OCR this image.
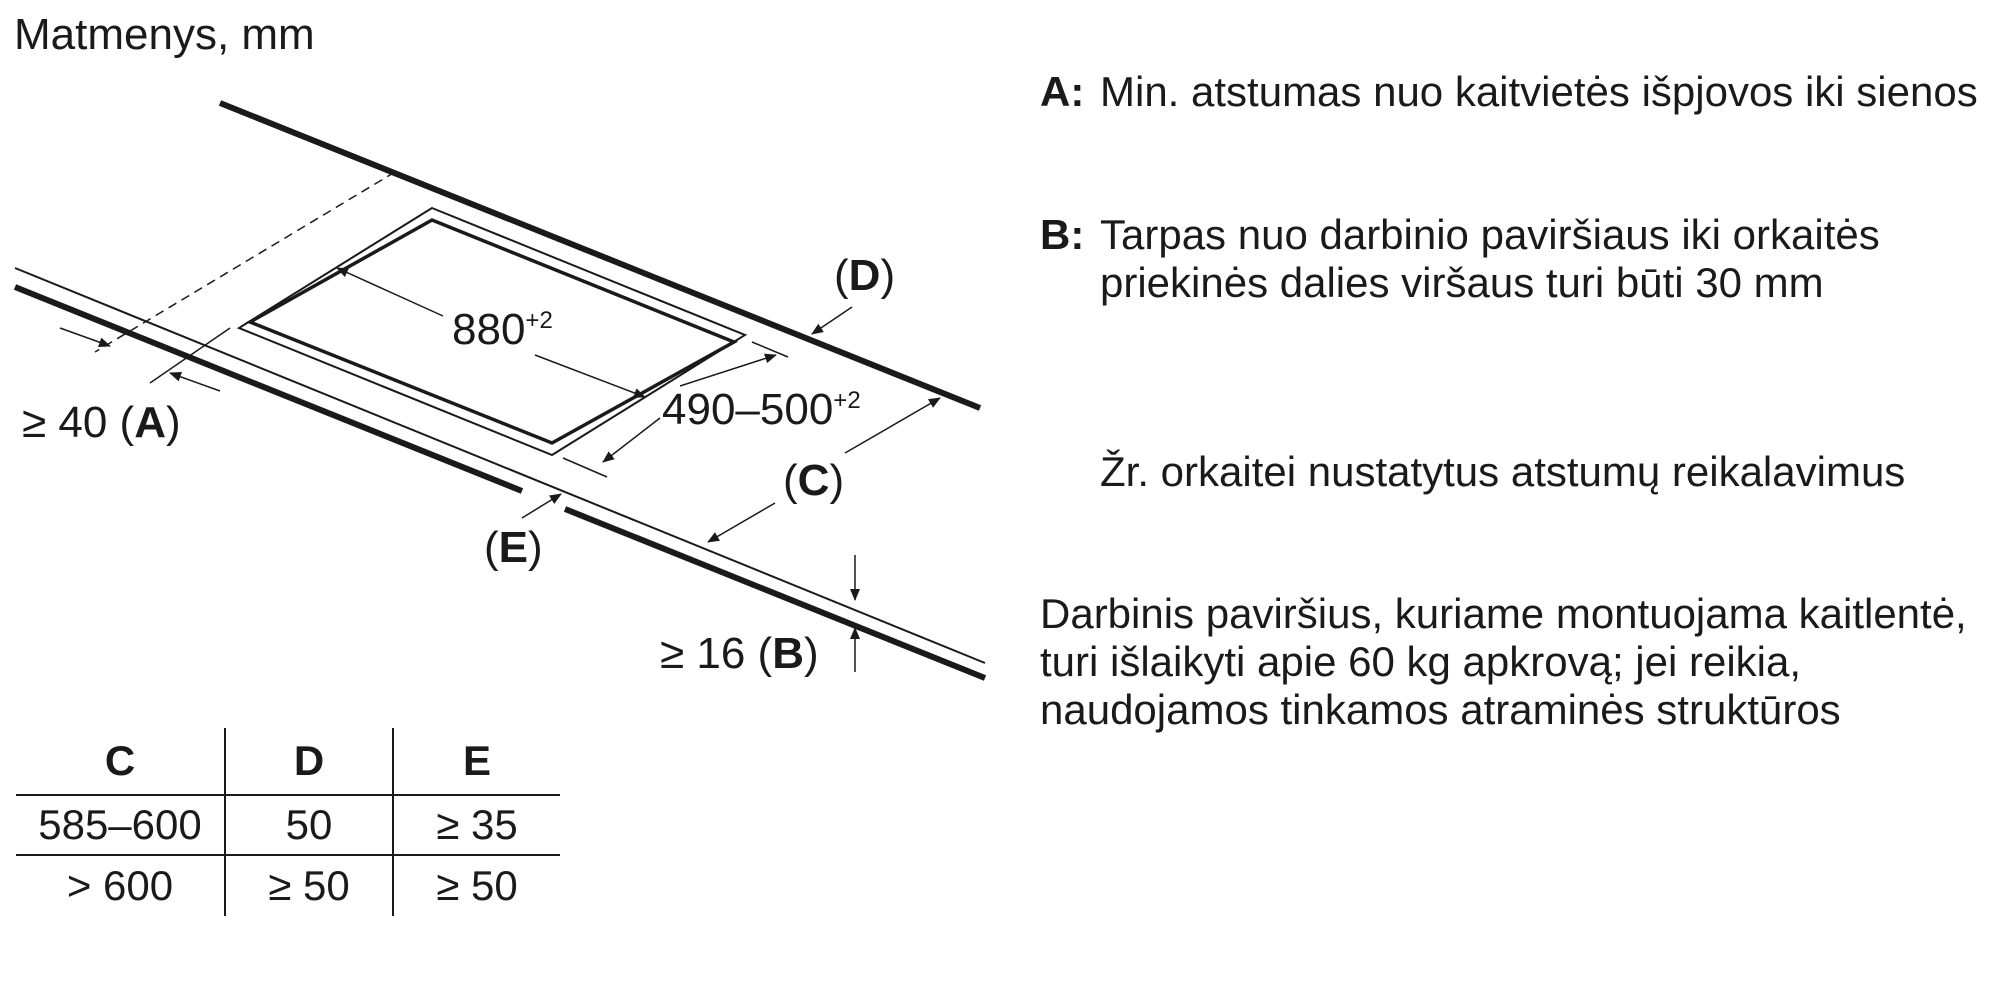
Matmenys, mm
$880^{+2}$
$490-500^{+2}$
(D)
(C)
(E)
≥ 40 (A)
≥ 16 (B)
A: Min. atstumas nuo kaitvietės išpjovos iki sienos
B: Tarpas nuo darbinio paviršiaus iki orkaitės priekinės dalies viršaus turi būti 30 mm
Žr. orkaitei nustatytus atstumų reikalavimus
Darbinis paviršius, kuriame montuojama kaitlentė, turi išlaikyti apie 60 kg apkrovą; jei reikia, naudojamos tinkamos atraminės struktūros
C	D	E
585–600	50	≥ 35
> 600	≥ 50	≥ 50
